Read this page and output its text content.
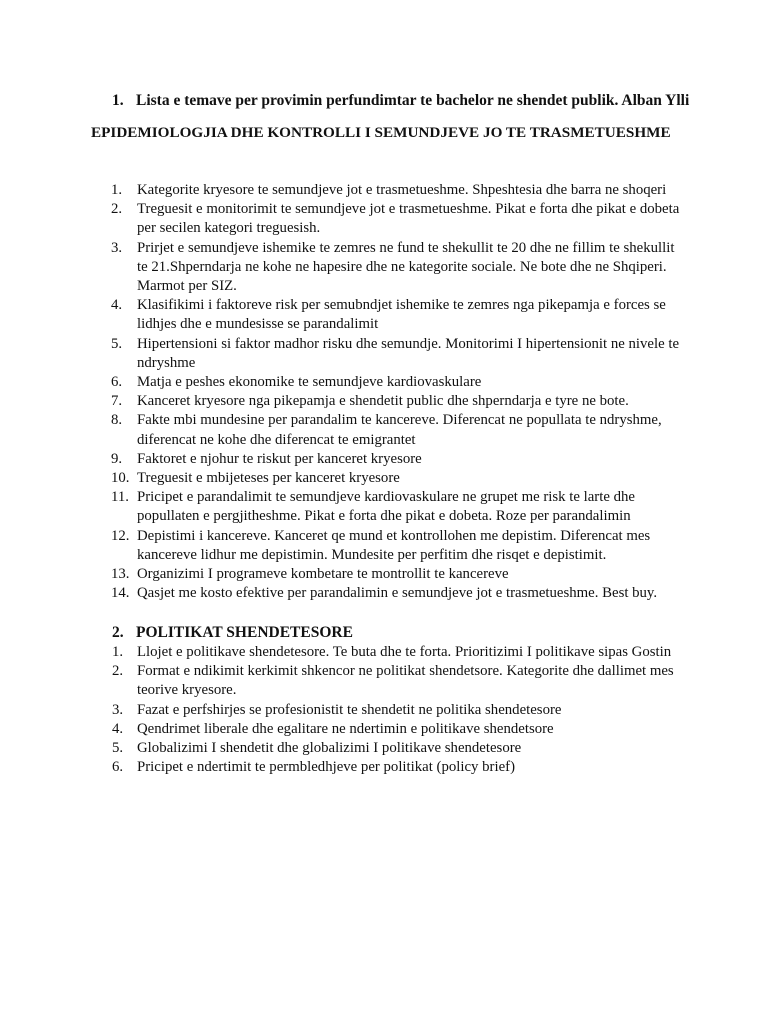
1. Lista e temave per provimin perfundimtar te bachelor ne shendet publik. Alban Ylli
EPIDEMIOLOGJIA DHE KONTROLLI I SEMUNDJEVE JO TE TRASMETUESHME
1.	Kategorite kryesore te semundjeve jot e trasmetueshme. Shpeshtesia dhe barra ne shoqeri
2.	Treguesit e monitorimit te semundjeve jot e trasmetueshme. Pikat e forta dhe pikat e dobeta per secilen kategori treguesish.
3.	Prirjet e semundjeve ishemike te zemres ne fund te shekullit te 20 dhe ne fillim te shekullit te 21.Shperndarja ne kohe ne hapesire dhe ne kategorite sociale. Ne bote dhe ne Shqiperi. Marmot per SIZ.
4.	Klasifikimi i faktoreve risk per semubndjet ishemike te zemres nga pikepamja e forces se lidhjes dhe e mundesisse se parandalimit
5.	Hipertensioni si faktor madhor risku dhe semundje. Monitorimi I hipertensionit ne nivele te ndryshme
6.	Matja e peshes ekonomike te semundjeve kardiovaskulare
7.	Kanceret kryesore nga pikepamja e shendetit public dhe shperndarja e tyre ne bote.
8.	Fakte mbi mundesine per parandalim te kancereve. Diferencat ne popullata te ndryshme, diferencat ne kohe dhe diferencat te emigrantet
9.	Faktoret e njohur te riskut per kanceret kryesore
10. Treguesit e mbijeteses per kanceret kryesore
11. Pricipet e parandalimit te semundjeve kardiovaskulare ne grupet me risk te larte dhe popullaten e pergjitheshme. Pikat e forta dhe pikat e dobeta. Roze per parandalimin
12. Depistimi i kancereve. Kanceret qe mund et kontrollohen me depistim. Diferencat mes kancereve lidhur me depistimin. Mundesite per perfitim dhe risqet e depistimit.
13. Organizimi I programeve kombetare te montrollit te kancereve
14. Qasjet me kosto efektive per parandalimin e semundjeve jot e trasmetueshme. Best buy.
2. POLITIKAT SHENDETESORE
1. Llojet e politikave shendetesore. Te buta dhe te forta. Prioritizimi I politikave sipas Gostin
2. Format e ndikimit kerkimit shkencor ne politikat shendetsore. Kategorite dhe dallimet mes teorive kryesore.
3. Fazat e perfshirjes se profesionistit te shendetit ne politika shendetesore
4. Qendrimet liberale dhe egalitare ne ndertimin e politikave shendetsore
5. Globalizimi I shendetit dhe globalizimi I politikave shendetesore
6. Pricipet e ndertimit te permbledhjeve per politikat (policy brief)
